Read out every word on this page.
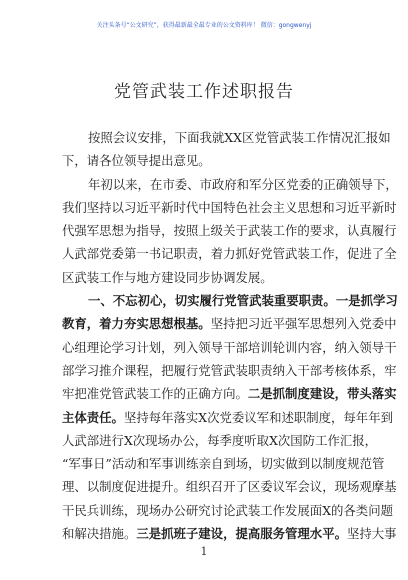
关注头条号“公文研究”，获得最新最全最专业的公文资料库！ 微信：gongwenyj
党管武装工作述职报告
按照会议安排，下面我就XX区党管武装工作情况汇报如
下，请各位领导提出意见。
年初以来，在市委、市政府和军分区党委的正确领导下，
我们坚持以习近平新时代中国特色社会主义思想和习近平新时
代强军思想为指导，按照上级关于武装工作的要求，认真履行
人武部党委第一书记职责，着力抓好党管武装工作，促进了全
区武装工作与地方建设同步协调发展。
一、不忘初心，切实履行党管武装重要职责。一是抓学习
教育，着力夯实思想根基。坚持把习近平强军思想列入党委中
心组理论学习计划，列入领导干部培训轮训内容，纳入领导干
部学习推介课程，把履行党管武装职责纳入干部考核体系，牢
牢把准党管武装工作的正确方向。二是抓制度建设，带头落实
主体责任。坚持每年落实X次党委议军和述职制度，每年年到
人武部进行X次现场办公，每季度听取X次国防工作汇报，
“军事日”活动和军事训练亲自到场，切实做到以制度规范管
理、以制度促进提升。组织召开了区委议军会议，现场观摩基
干民兵训练，现场办公研究讨论武装工作发展面X的各类问题
和解决措施。三是抓班子建设，提高服务管理水平。坚持大事
1
